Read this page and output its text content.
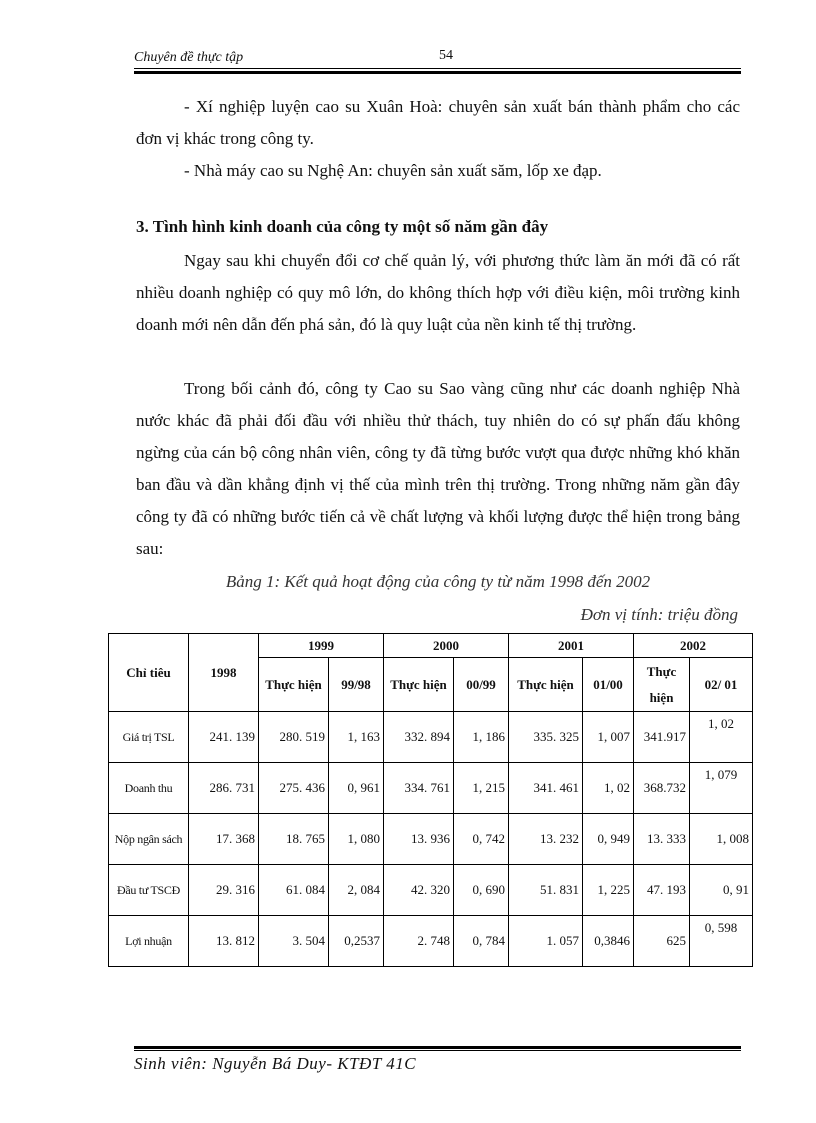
Chuyên đề thực tập	54

- Xí nghiệp luyện cao su Xuân Hoà: chuyên sản xuất bán thành phẩm cho các đơn vị khác trong công ty.

- Nhà máy cao su Nghệ An: chuyên sản xuất săm, lốp xe đạp.

3. Tình hình kinh doanh của công ty một số năm gần đây

Ngay sau khi chuyển đổi cơ chế quản lý, với phương thức làm ăn mới đã có rất nhiều doanh nghiệp có quy mô lớn, do không thích hợp với điều kiện, môi trường kinh doanh mới nên dẫn đến phá sản, đó là quy luật của nền kinh tế thị trường.

Trong bối cảnh đó, công ty Cao su Sao vàng cũng như các doanh nghiệp Nhà nước khác đã phải đối đầu với nhiều thử thách, tuy nhiên do có sự phấn đấu không ngừng của cán bộ công nhân viên, công ty đã từng bước vượt qua được những khó khăn ban đầu và dần khẳng định vị thế của mình trên thị trường. Trong những năm gần đây công ty đã có những bước tiến cả về chất lượng và khối lượng được thể hiện trong bảng sau:

Bảng 1: Kết quả hoạt động của công ty từ năm 1998 đến 2002

Đơn vị tính: triệu đồng

Chỉ tiêu	1998	1999		2000		2001		2002	
		Thực hiện	99/98	Thực hiện	00/99	Thực hiện	01/00	Thực hiện	02/ 01
Giá trị TSL	241. 139	280. 519	1, 163	332. 894	1, 186	335. 325	1, 007	341.917	1, 02
Doanh thu	286. 731	275. 436	0, 961	334. 761	1, 215	341. 461	1, 02	368.732	1, 079
Nộp ngân sách	17. 368	18. 765	1, 080	13. 936	0, 742	13. 232	0, 949	13. 333	1, 008
Đầu tư TSCĐ	29. 316	61. 084	2, 084	42. 320	0, 690	51. 831	1, 225	47. 193	0, 91
Lợi nhuận	13. 812	3. 504	0,2537	2. 748	0, 784	1. 057	0,3846	625	0, 598
Sinh viên: Nguyễn Bá Duy- KTĐT 41C
